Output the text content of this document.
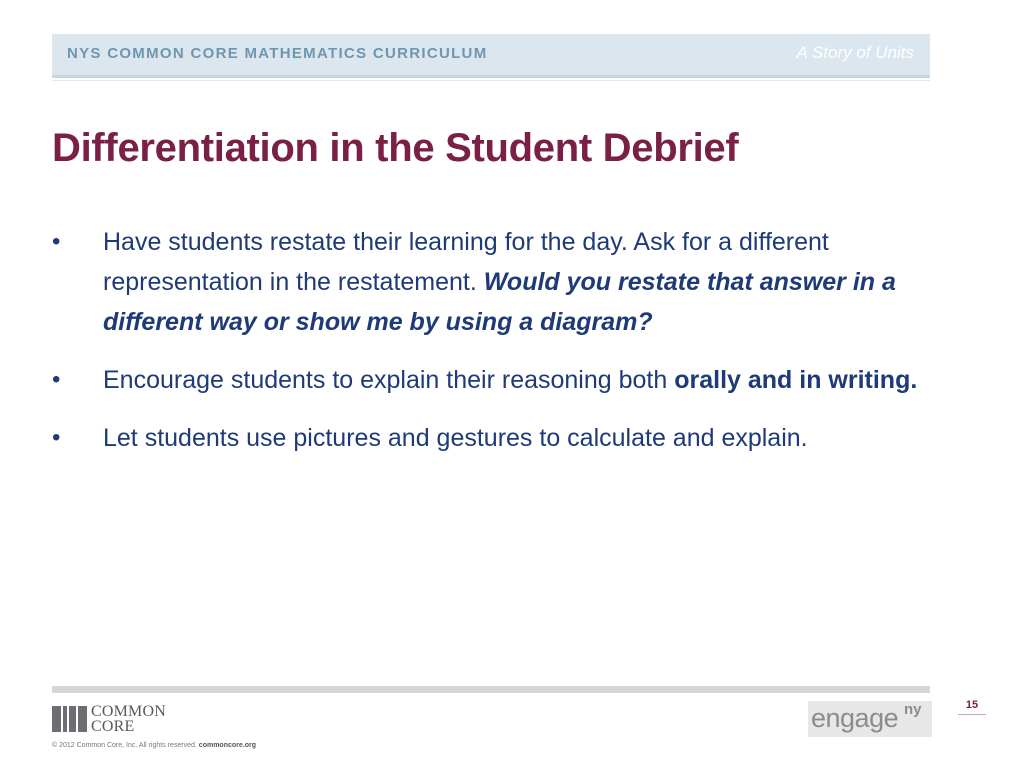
NYS COMMON CORE MATHEMATICS CURRICULUM	A Story of Units
Differentiation in the Student Debrief
•	Have students restate their learning for the day. Ask for a different representation in the restatement. Would you restate that answer in a different way or show me by using a diagram?
•	Encourage students to explain their reasoning both orally and in writing.
•	Let students use pictures and gestures to calculate and explain.
COMMON
CORE	engage ny	15
© 2012 Common Core, Inc. All rights reserved. commoncore.org
